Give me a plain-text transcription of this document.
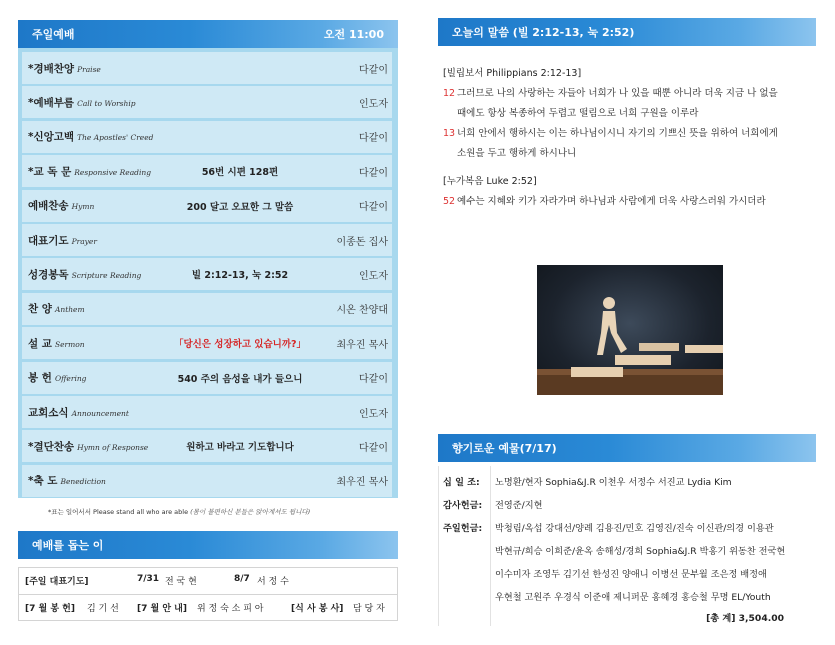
주일예배	오전 11:00
*경배찬양 Praise	다같이
*예배부름 Call to Worship	인도자
*신앙고백 The Apostles' Creed	다같이
*교 독 문 Responsive Reading	56번 시편 128편	다같이
예배찬송 Hymn	200 달고 오묘한 그 말씀	다같이
대표기도 Prayer	이종돈 집사
성경봉독 Scripture Reading	빌 2:12-13, 눅 2:52	인도자
찬 양 Anthem	시온 찬양대
설 교 Sermon	「당신은 성장하고 있습니까?」	최우진 목사
봉 헌 Offering	540 주의 음성을 내가 들으니	다같이
교회소식 Announcement	인도자
*결단찬송 Hymn of Response	원하고 바라고 기도합니다	다같이
*축 도 Benediction	최우진 목사
*표는 일어서서 Please stand all who are able (몸이 불편하신 분들은 앉아계셔도 됩니다)
예배를 돕는 이
[주일 대표기도]	7/31 전 국 현	8/7 서 정 수
[7 월 봉 헌] 김 기 선 [7 월 안 내] 위 정 숙 소 피 아	[식 사 봉 사] 담 당 자
오늘의 말씀 (빌 2:12-13, 눅 2:52)
[빌립보서 Philippians 2:12-13]
12 그러므로 나의 사랑하는 자들아 너희가 나 있을 때뿐 아니라 더욱 지금 나 없을
때에도 항상 복종하여 두렵고 떨림으로 너희 구원을 이루라
13 너희 안에서 행하시는 이는 하나님이시니 자기의 기쁘신 뜻을 위하여 너희에게
소원을 두고 행하게 하시나니
[누가복음 Luke 2:52]
52 예수는 지혜와 키가 자라가며 하나님과 사람에게 더욱 사랑스러워 가시더라
향기로운 예물(7/17)
십 일 조: 노명환/현자 Sophia&J.R 이천우 서정수 서진교 Lydia Kim
감사헌금: 전영준/지현
주일헌금: 박청림/옥섭 강대선/양례 김용진/민호 김영진/진숙 이신관/의경 이용관
박현규/희승 이희준/윤옥 송해성/경희 Sophia&J.R 박홍기 위동찬 전국현
이수미자 조영두 김기선 한성진 양애니 이병선 문부월 조은정 배정애
우현철 고원주 우경식 이준애 제니퍼문 홍혜경 홍승철 무명 EL/Youth
[총 계] 3,504.00
